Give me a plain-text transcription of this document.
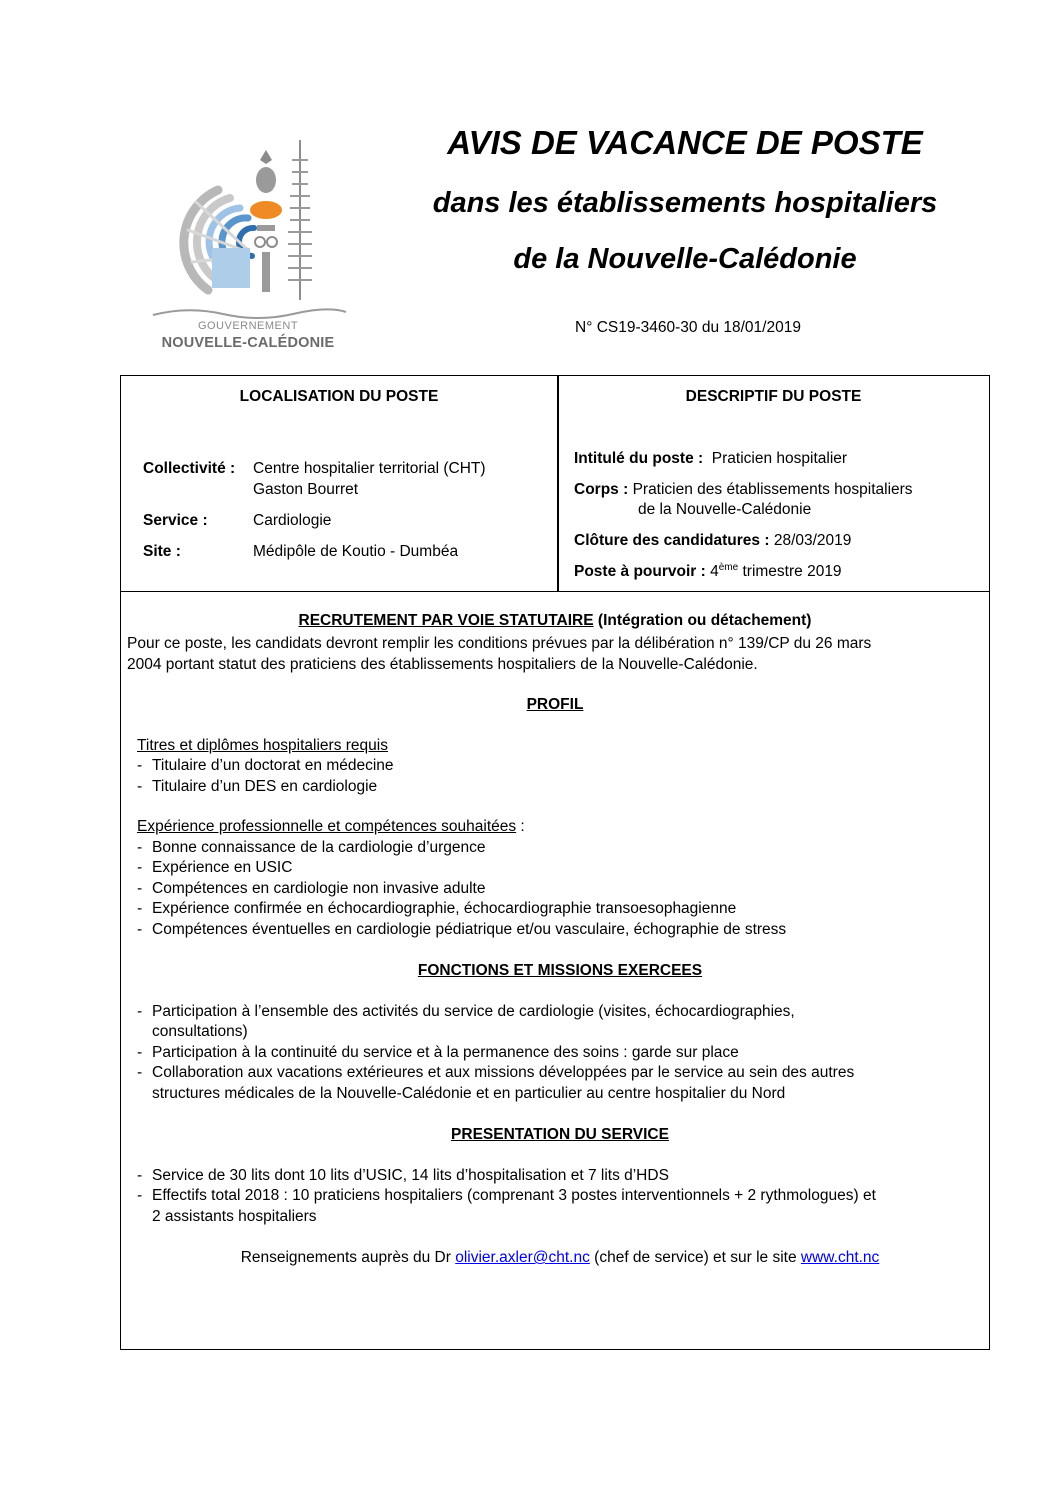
GOUVERNEMENT
NOUVELLE-CALÉDONIE
AVIS DE VACANCE DE POSTE
dans les établissements hospitaliers
de la Nouvelle-Calédonie
N° CS19-3460-30 du 18/01/2019
LOCALISATION DU POSTE
Collectivité : Centre hospitalier territorial (CHT)
Gaston Bourret
Service :	Cardiologie
Site :	Médipôle de Koutio - Dumbéa
DESCRIPTIF DU POSTE
Intitulé du poste : Praticien hospitalier
Corps : Praticien des établissements hospitaliers
de la Nouvelle-Calédonie
Clôture des candidatures : 28/03/2019
Poste à pourvoir : 4ème trimestre 2019
RECRUTEMENT PAR VOIE STATUTAIRE (Intégration ou détachement)
Pour ce poste, les candidats devront remplir les conditions prévues par la délibération n° 139/CP du 26 mars
2004 portant statut des praticiens des établissements hospitaliers de la Nouvelle-Calédonie.
PROFIL
Titres et diplômes hospitaliers requis
- Titulaire d’un doctorat en médecine
- Titulaire d’un DES en cardiologie
Expérience professionnelle et compétences souhaitées :
- Bonne connaissance de la cardiologie d’urgence
- Expérience en USIC
- Compétences en cardiologie non invasive adulte
- Expérience confirmée en échocardiographie, échocardiographie transoesophagienne
- Compétences éventuelles en cardiologie pédiatrique et/ou vasculaire, échographie de stress
FONCTIONS ET MISSIONS EXERCEES
- Participation à l’ensemble des activités du service de cardiologie (visites, échocardiographies,
consultations)
- Participation à la continuité du service et à la permanence des soins : garde sur place
- Collaboration aux vacations extérieures et aux missions développées par le service au sein des autres
structures médicales de la Nouvelle-Calédonie et en particulier au centre hospitalier du Nord
PRESENTATION DU SERVICE
- Service de 30 lits dont 10 lits d’USIC, 14 lits d’hospitalisation et 7 lits d’HDS
- Effectifs total 2018 : 10 praticiens hospitaliers (comprenant 3 postes interventionnels + 2 rythmologues) et
2 assistants hospitaliers
Renseignements auprès du Dr olivier.axler@cht.nc (chef de service) et sur le site www.cht.nc
